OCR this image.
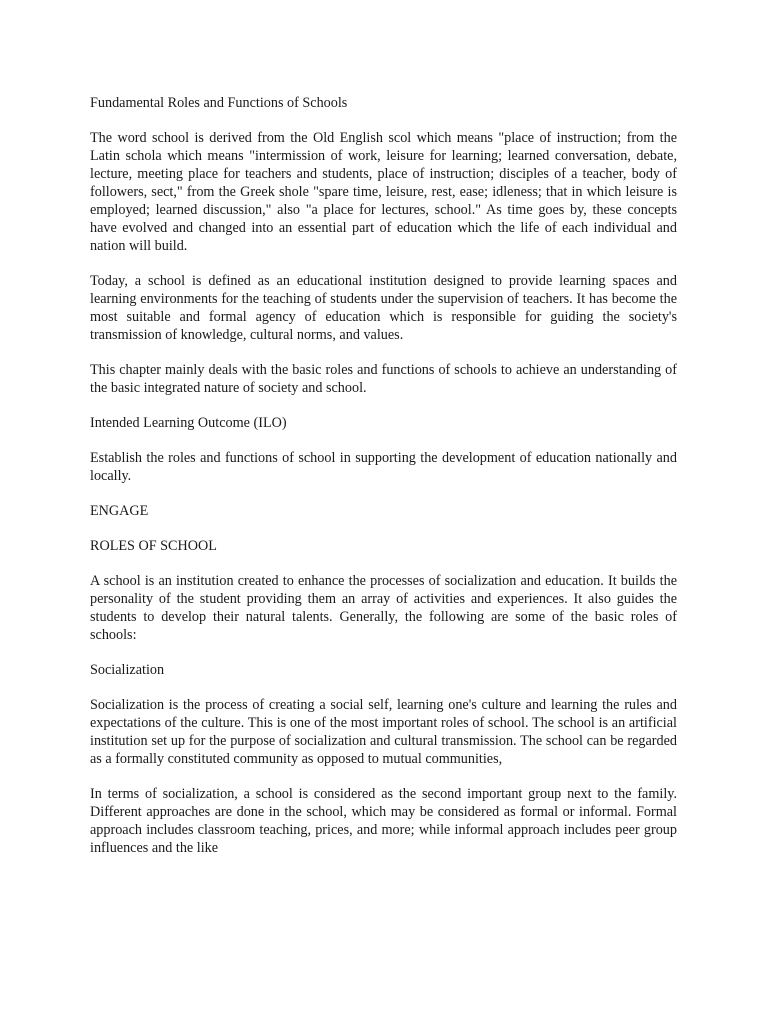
Fundamental Roles and Functions of Schools

The word school is derived from the Old English scol which means "place of instruction; from the Latin schola which means "intermission of work, leisure for learning; learned conversation, debate, lecture, meeting place for teachers and students, place of instruction; disciples of a teacher, body of followers, sect," from the Greek shole "spare time, leisure, rest, ease; idleness; that in which leisure is employed; learned discussion," also "a place for lectures, school." As time goes by, these concepts have evolved and changed into an essential part of education which the life of each individual and nation will build.

Today, a school is defined as an educational institution designed to provide learning spaces and learning environments for the teaching of students under the supervision of teachers. It has become the most suitable and formal agency of education which is responsible for guiding the society's transmission of knowledge, cultural norms, and values.

This chapter mainly deals with the basic roles and functions of schools to achieve an understanding of the basic integrated nature of society and school.

Intended Learning Outcome (ILO)

Establish the roles and functions of school in supporting the development of education nationally and locally.

ENGAGE

ROLES OF SCHOOL

A school is an institution created to enhance the processes of socialization and education. It builds the personality of the student providing them an array of activities and experiences. It also guides the students to develop their natural talents. Generally, the following are some of the basic roles of schools:

Socialization

Socialization is the process of creating a social self, learning one's culture and learning the rules and expectations of the culture. This is one of the most important roles of school. The school is an artificial institution set up for the purpose of socialization and cultural transmission. The school can be regarded as a formally constituted community as opposed to mutual communities,

In terms of socialization, a school is considered as the second important group next to the family. Different approaches are done in the school, which may be considered as formal or informal. Formal approach includes classroom teaching, prices, and more; while informal approach includes peer group influences and the like
